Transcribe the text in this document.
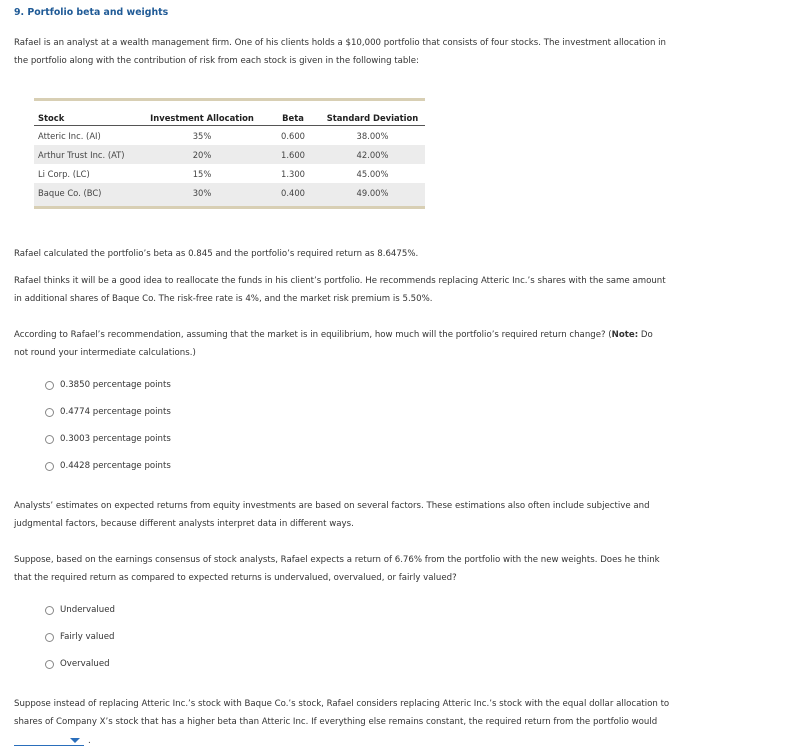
9. Portfolio beta and weights
Rafael is an analyst at a wealth management firm. One of his clients holds a $10,000 portfolio that consists of four stocks. The investment allocation in
the portfolio along with the contribution of risk from each stock is given in the following table:
Stock	Investment Allocation	Beta	Standard Deviation
Atteric Inc. (AI)	35%	0.600	38.00%
Arthur Trust Inc. (AT)	20%	1.600	42.00%
Li Corp. (LC)	15%	1.300	45.00%
Baque Co. (BC)	30%	0.400	49.00%
Rafael calculated the portfolio’s beta as 0.845 and the portfolio’s required return as 8.6475%.
Rafael thinks it will be a good idea to reallocate the funds in his client’s portfolio. He recommends replacing Atteric Inc.’s shares with the same amount
in additional shares of Baque Co. The risk-free rate is 4%, and the market risk premium is 5.50%.
According to Rafael’s recommendation, assuming that the market is in equilibrium, how much will the portfolio’s required return change? (Note: Do
not round your intermediate calculations.)
0.3850 percentage points
0.4774 percentage points
0.3003 percentage points
0.4428 percentage points
Analysts’ estimates on expected returns from equity investments are based on several factors. These estimations also often include subjective and
judgmental factors, because different analysts interpret data in different ways.
Suppose, based on the earnings consensus of stock analysts, Rafael expects a return of 6.76% from the portfolio with the new weights. Does he think
that the required return as compared to expected returns is undervalued, overvalued, or fairly valued?
Undervalued
Fairly valued
Overvalued
Suppose instead of replacing Atteric Inc.’s stock with Baque Co.’s stock, Rafael considers replacing Atteric Inc.’s stock with the equal dollar allocation to
shares of Company X’s stock that has a higher beta than Atteric Inc. If everything else remains constant, the required return from the portfolio would
.
